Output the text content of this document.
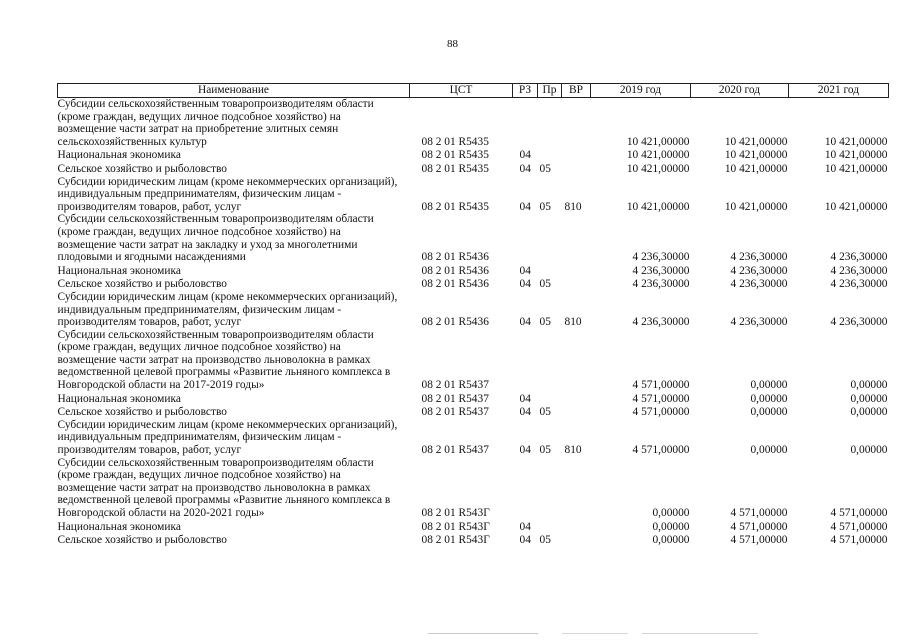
88
Наименование	ЦСТ	РЗ	Пр	ВР	2019 год	2020 год	2021 год
Субсидии сельскохозяйственным товаропроизводителям области (кроме граждан, ведущих личное подсобное хозяйство) на возмещение части затрат на приобретение элитных семян сельскохозяйственных культур	08 2 01 R5435				10 421,00000	10 421,00000	10 421,00000
Национальная экономика	08 2 01 R5435	04			10 421,00000	10 421,00000	10 421,00000
Сельское хозяйство и рыболовство	08 2 01 R5435	04	05		10 421,00000	10 421,00000	10 421,00000
Субсидии юридическим лицам (кроме некоммерческих организаций), индивидуальным предпринимателям, физическим лицам - производителям товаров, работ, услуг	08 2 01 R5435	04	05	810	10 421,00000	10 421,00000	10 421,00000
Субсидии сельскохозяйственным товаропроизводителям области (кроме граждан, ведущих личное подсобное хозяйство) на возмещение части затрат на закладку и уход за многолетними плодовыми и ягодными насаждениями	08 2 01 R5436				4 236,30000	4 236,30000	4 236,30000
Национальная экономика	08 2 01 R5436	04			4 236,30000	4 236,30000	4 236,30000
Сельское хозяйство и рыболовство	08 2 01 R5436	04	05		4 236,30000	4 236,30000	4 236,30000
Субсидии юридическим лицам (кроме некоммерческих организаций), индивидуальным предпринимателям, физическим лицам - производителям товаров, работ, услуг	08 2 01 R5436	04	05	810	4 236,30000	4 236,30000	4 236,30000
Субсидии сельскохозяйственным товаропроизводителям области (кроме граждан, ведущих личное подсобное хозяйство) на возмещение части затрат на производство льноволокна в рамках ведомственной целевой программы «Развитие льняного комплекса в Новгородской области на 2017-2019 годы»	08 2 01 R5437				4 571,00000	0,00000	0,00000
Национальная экономика	08 2 01 R5437	04			4 571,00000	0,00000	0,00000
Сельское хозяйство и рыболовство	08 2 01 R5437	04	05		4 571,00000	0,00000	0,00000
Субсидии юридическим лицам (кроме некоммерческих организаций), индивидуальным предпринимателям, физическим лицам - производителям товаров, работ, услуг	08 2 01 R5437	04	05	810	4 571,00000	0,00000	0,00000
Субсидии сельскохозяйственным товаропроизводителям области (кроме граждан, ведущих личное подсобное хозяйство) на возмещение части затрат на производство льноволокна в рамках ведомственной целевой программы «Развитие льняного комплекса в Новгородской области на 2020-2021 годы»	08 2 01 R543Г				0,00000	4 571,00000	4 571,00000
Национальная экономика	08 2 01 R543Г	04			0,00000	4 571,00000	4 571,00000
Сельское хозяйство и рыболовство	08 2 01 R543Г	04	05		0,00000	4 571,00000	4 571,00000
